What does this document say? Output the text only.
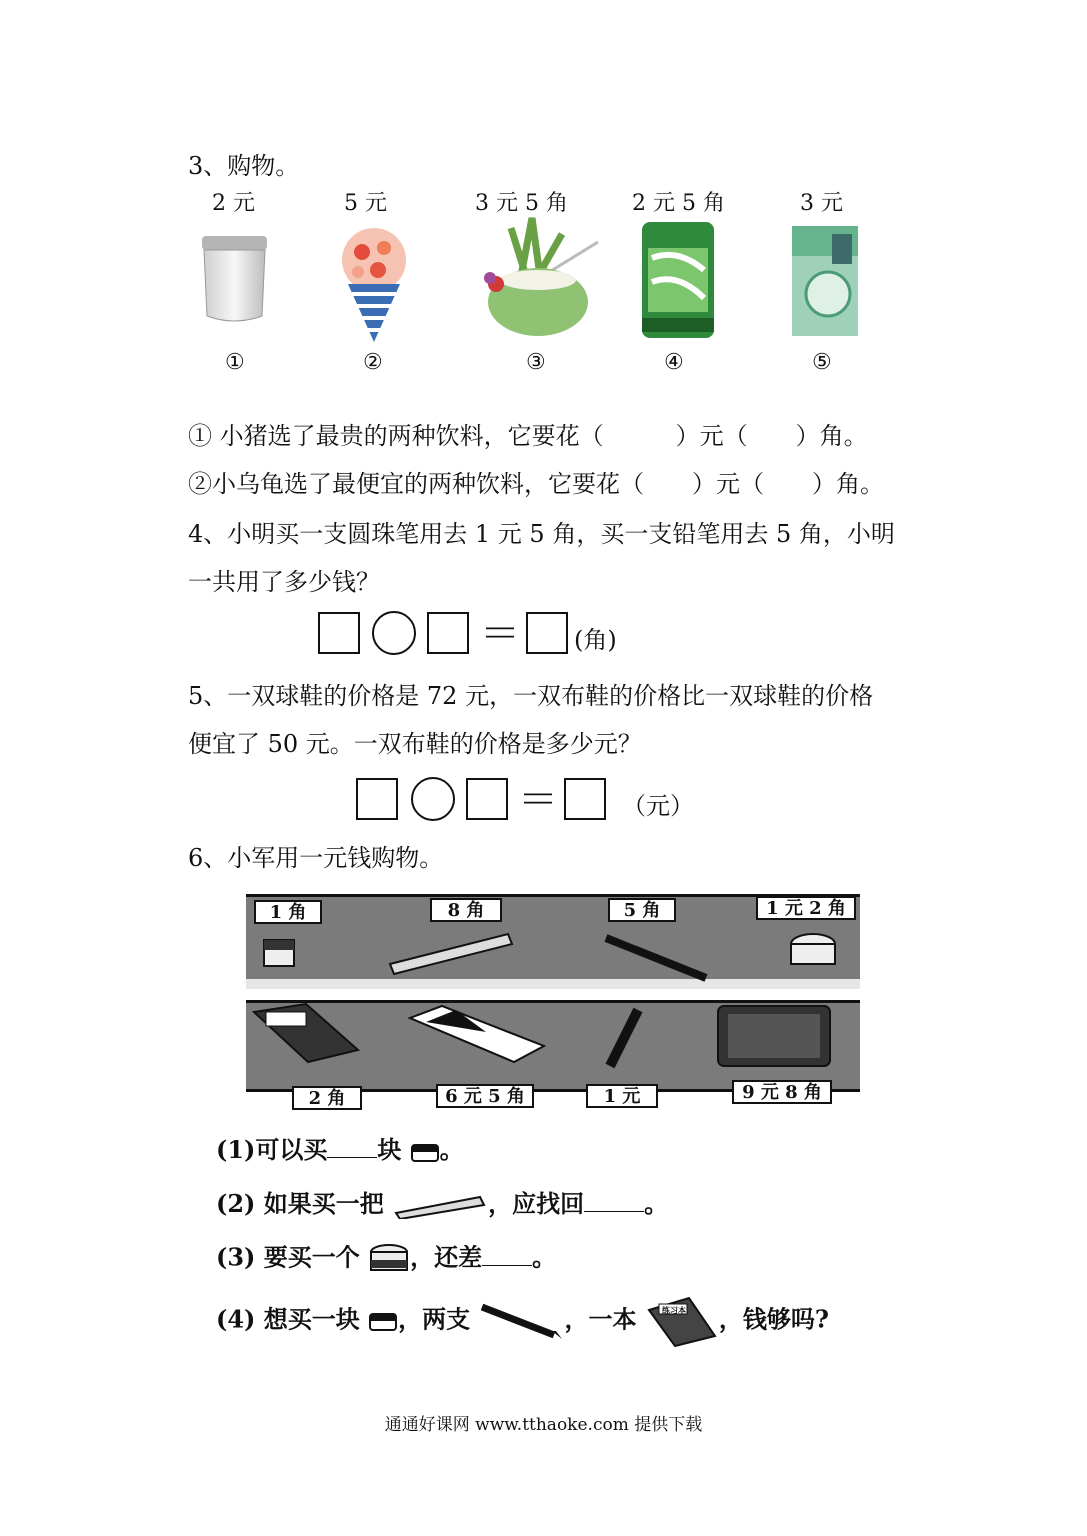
3、购物。
2 元	5 元	3 元 5 角	2 元 5 角	3 元
①	②	③	④	⑤
① 小猪选了最贵的两种饮料，它要花（　　　）元（　　）角。
②小乌龟选了最便宜的两种饮料，它要花（　　）元（　　）角。
4、小明买一支圆珠笔用去 1 元 5 角，买一支铅笔用去 5 角，小明
一共用了多少钱？
＝ (角)
5、一双球鞋的价格是 72 元，一双布鞋的价格比一双球鞋的价格
便宜了 50 元。一双布鞋的价格是多少元？
＝	（元）
6、小军用一元钱购物。
1 角	8 角	5 角	1 元 2 角
2 角	6 元 5 角	1 元	9 元 8 角
(1)可以买 块 。
(2) 如果买一把	，应找回	。
(3) 要买一个 ，还差 。
(4) 想买一块 ，两支	，一本	练习本 ，钱够吗?
通通好课网 www.tthaoke.com 提供下载
